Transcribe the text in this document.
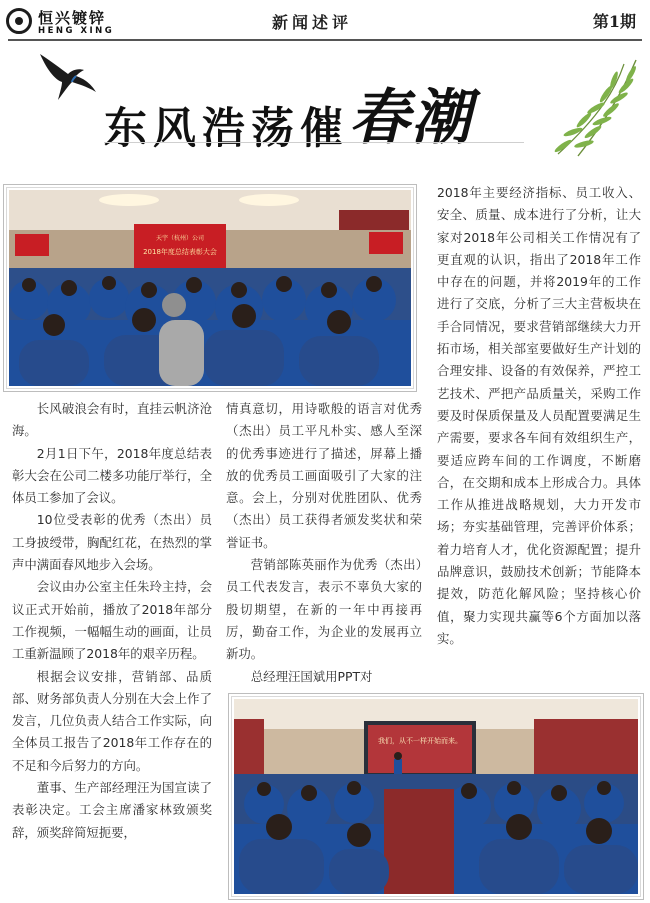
恒兴镀锌
HENG XING	新闻述评	第1期
东风浩荡催春潮
天宇（杭州）公司
2018年度总结表彰大会

长风破浪会有时，直挂云帆济沧海。

2月1日下午，2018年度总结表彰大会在公司二楼多功能厅举行，全体员工参加了会议。

10位受表彰的优秀（杰出）员工身披绶带，胸配红花，在热烈的掌声中满面春风地步入会场。

会议由办公室主任朱玲主持，会议正式开始前，播放了2018年部分工作视频，一幅幅生动的画面，让员工重新温顾了2018年的艰辛历程。

根据会议安排，营销部、品质部、财务部负责人分别在大会上作了发言，几位负责人结合工作实际，向全体员工报告了2018年工作存在的不足和今后努力的方向。

董事、生产部经理汪为国宣读了表彰决定。工会主席潘家林致颁奖辞，颁奖辞简短扼要，

情真意切，用诗歌般的语言对优秀（杰出）员工平凡朴实、感人至深的优秀事迹进行了描述，屏幕上播放的优秀员工画面吸引了大家的注意。会上，分别对优胜团队、优秀（杰出）员工获得者颁发奖状和荣誉证书。

营销部陈英丽作为优秀（杰出）员工代表发言，表示不辜负大家的殷切期望，在新的一年中再接再厉，勤奋工作，为企业的发展再立新功。

总经理汪国斌用PPT对

2018年主要经济指标、员工收入、安全、质量、成本进行了分析，让大家对2018年公司相关工作情况有了更直观的认识，指出了2018年工作中存在的问题，并将2019年的工作进行了交底，分析了三大主营板块在手合同情况，要求营销部继续大力开拓市场，相关部室要做好生产计划的合理安排、设备的有效保养，严控工艺技术、严把产品质量关，采购工作要及时保质保量及人员配置要满足生产需要，要求各车间有效组织生产，要适应跨车间的工作调度，不断磨合，在交期和成本上形成合力。具体工作从推进战略规划，大力开发市场；夯实基础管理，完善评价体系；着力培育人才，优化资源配置；提升品牌意识，鼓励技术创新；节能降本提效，防范化解风险；坚持核心价值，聚力实现共赢等6个方面加以落实。

我们，从不一样开始而来。
